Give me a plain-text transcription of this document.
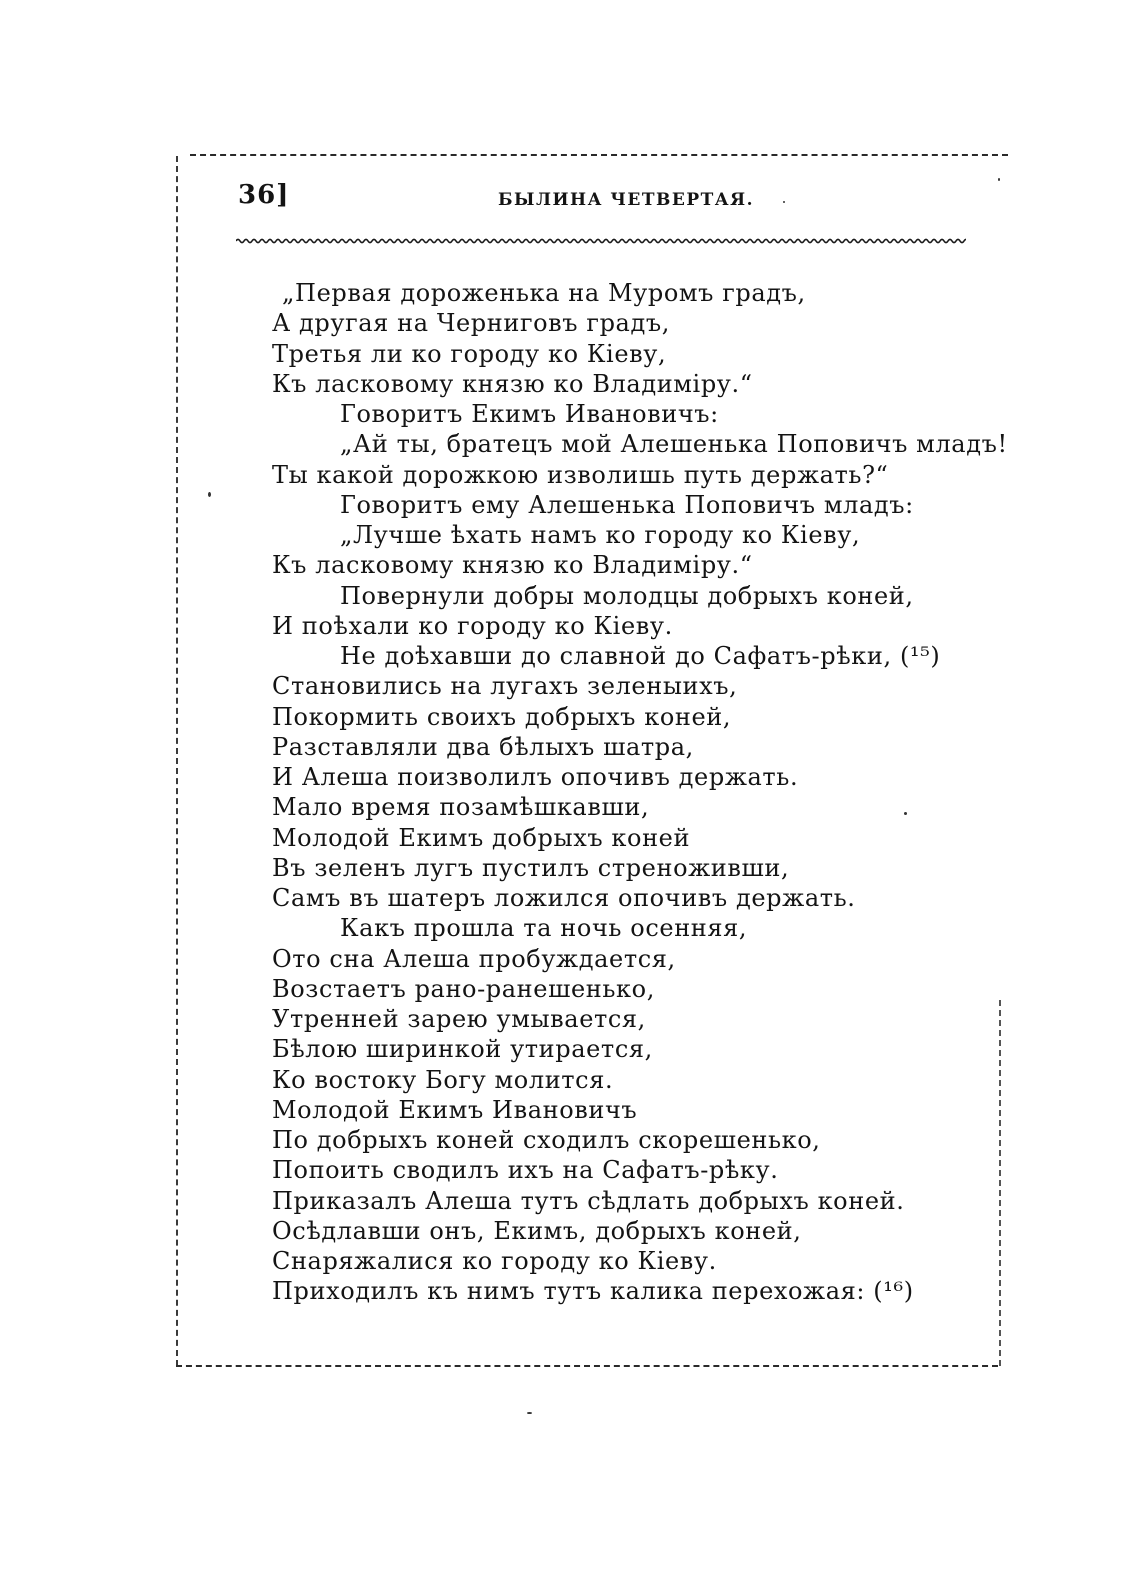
36]	БЫЛИНА ЧЕТВЕРТАЯ.
„Первая дороженька на Муромъ градъ,
А другая на Черниговъ градъ,
Третья ли ко городу ко Кіеву,
Къ ласковому князю ко Владиміру.“
Говоритъ Екимъ Ивановичъ:
„Ай ты, братецъ мой Алешенька Поповичъ младъ!
Ты какой дорожкою изволишь путь держать?“
Говоритъ ему Алешенька Поповичъ младъ:
„Лучше ѣхать намъ ко городу ко Кіеву,
Къ ласковому князю ко Владиміру.“
Повернули добры молодцы добрыхъ коней,
И поѣхали ко городу ко Кіеву.
Не доѣхавши до славной до Сафатъ-рѣки, (¹⁵)
Становились на лугахъ зеленыихъ,
Покормить своихъ добрыхъ коней,
Разставляли два бѣлыхъ шатра,
И Алеша поизволилъ опочивъ держать.
Мало время позамѣшкавши,
Молодой Екимъ добрыхъ коней
Въ зеленъ лугъ пустилъ стреноживши,
Самъ въ шатеръ ложился опочивъ держать.
Какъ прошла та ночь осенняя,
Ото сна Алеша пробуждается,
Возстаетъ рано-ранешенько,
Утренней зарею умывается,
Бѣлою ширинкой утирается,
Ко востоку Богу молится.
Молодой Екимъ Ивановичъ
По добрыхъ коней сходилъ скорешенько,
Попоить сводилъ ихъ на Сафатъ-рѣку.
Приказалъ Алеша тутъ сѣдлать добрыхъ коней.
Осѣдлавши онъ, Екимъ, добрыхъ коней,
Снаряжалися ко городу ко Кіеву.
Приходилъ къ нимъ тутъ калика перехожая: (¹⁶)
